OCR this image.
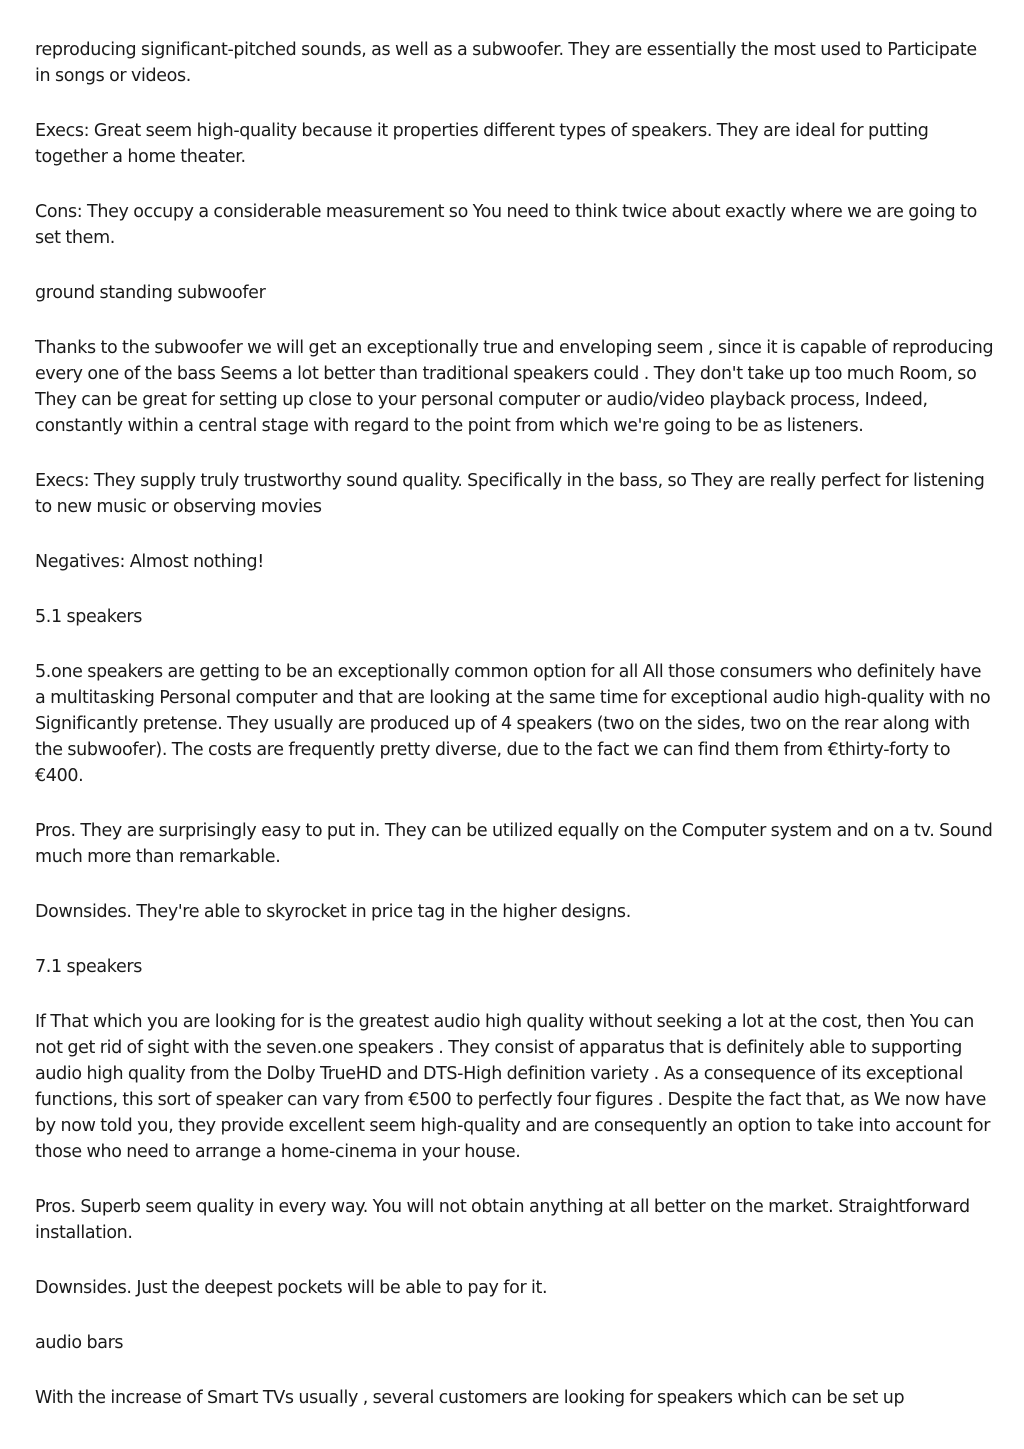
reproducing significant-pitched sounds, as well as a subwoofer. They are essentially the most used to Participate in songs or videos.

Execs: Great seem high-quality because it properties different types of speakers. They are ideal for putting together a home theater.

Cons: They occupy a considerable measurement so You need to think twice about exactly where we are going to set them.

ground standing subwoofer

Thanks to the subwoofer we will get an exceptionally true and enveloping seem , since it is capable of reproducing every one of the bass Seems a lot better than traditional speakers could . They don't take up too much Room, so They can be great for setting up close to your personal computer or audio/video playback process, Indeed, constantly within a central stage with regard to the point from which we're going to be as listeners.

Execs: They supply truly trustworthy sound quality. Specifically in the bass, so They are really perfect for listening to new music or observing movies

Negatives: Almost nothing!

5.1 speakers

5.one speakers are getting to be an exceptionally common option for all All those consumers who definitely have a multitasking Personal computer and that are looking at the same time for exceptional audio high-quality with no Significantly pretense. They usually are produced up of 4 speakers (two on the sides, two on the rear along with the subwoofer). The costs are frequently pretty diverse, due to the fact we can find them from €thirty-forty to €400.

Pros. They are surprisingly easy to put in. They can be utilized equally on the Computer system and on a tv. Sound much more than remarkable.

Downsides. They're able to skyrocket in price tag in the higher designs.

7.1 speakers

If That which you are looking for is the greatest audio high quality without seeking a lot at the cost, then You can not get rid of sight with the seven.one speakers . They consist of apparatus that is definitely able to supporting audio high quality from the Dolby TrueHD and DTS-High definition variety . As a consequence of its exceptional functions, this sort of speaker can vary from €500 to perfectly four figures . Despite the fact that, as We now have by now told you, they provide excellent seem high-quality and are consequently an option to take into account for those who need to arrange a home-cinema in your house.

Pros. Superb seem quality in every way. You will not obtain anything at all better on the market. Straightforward installation.

Downsides. Just the deepest pockets will be able to pay for it.

audio bars

With the increase of Smart TVs usually , several customers are looking for speakers which can be set up
